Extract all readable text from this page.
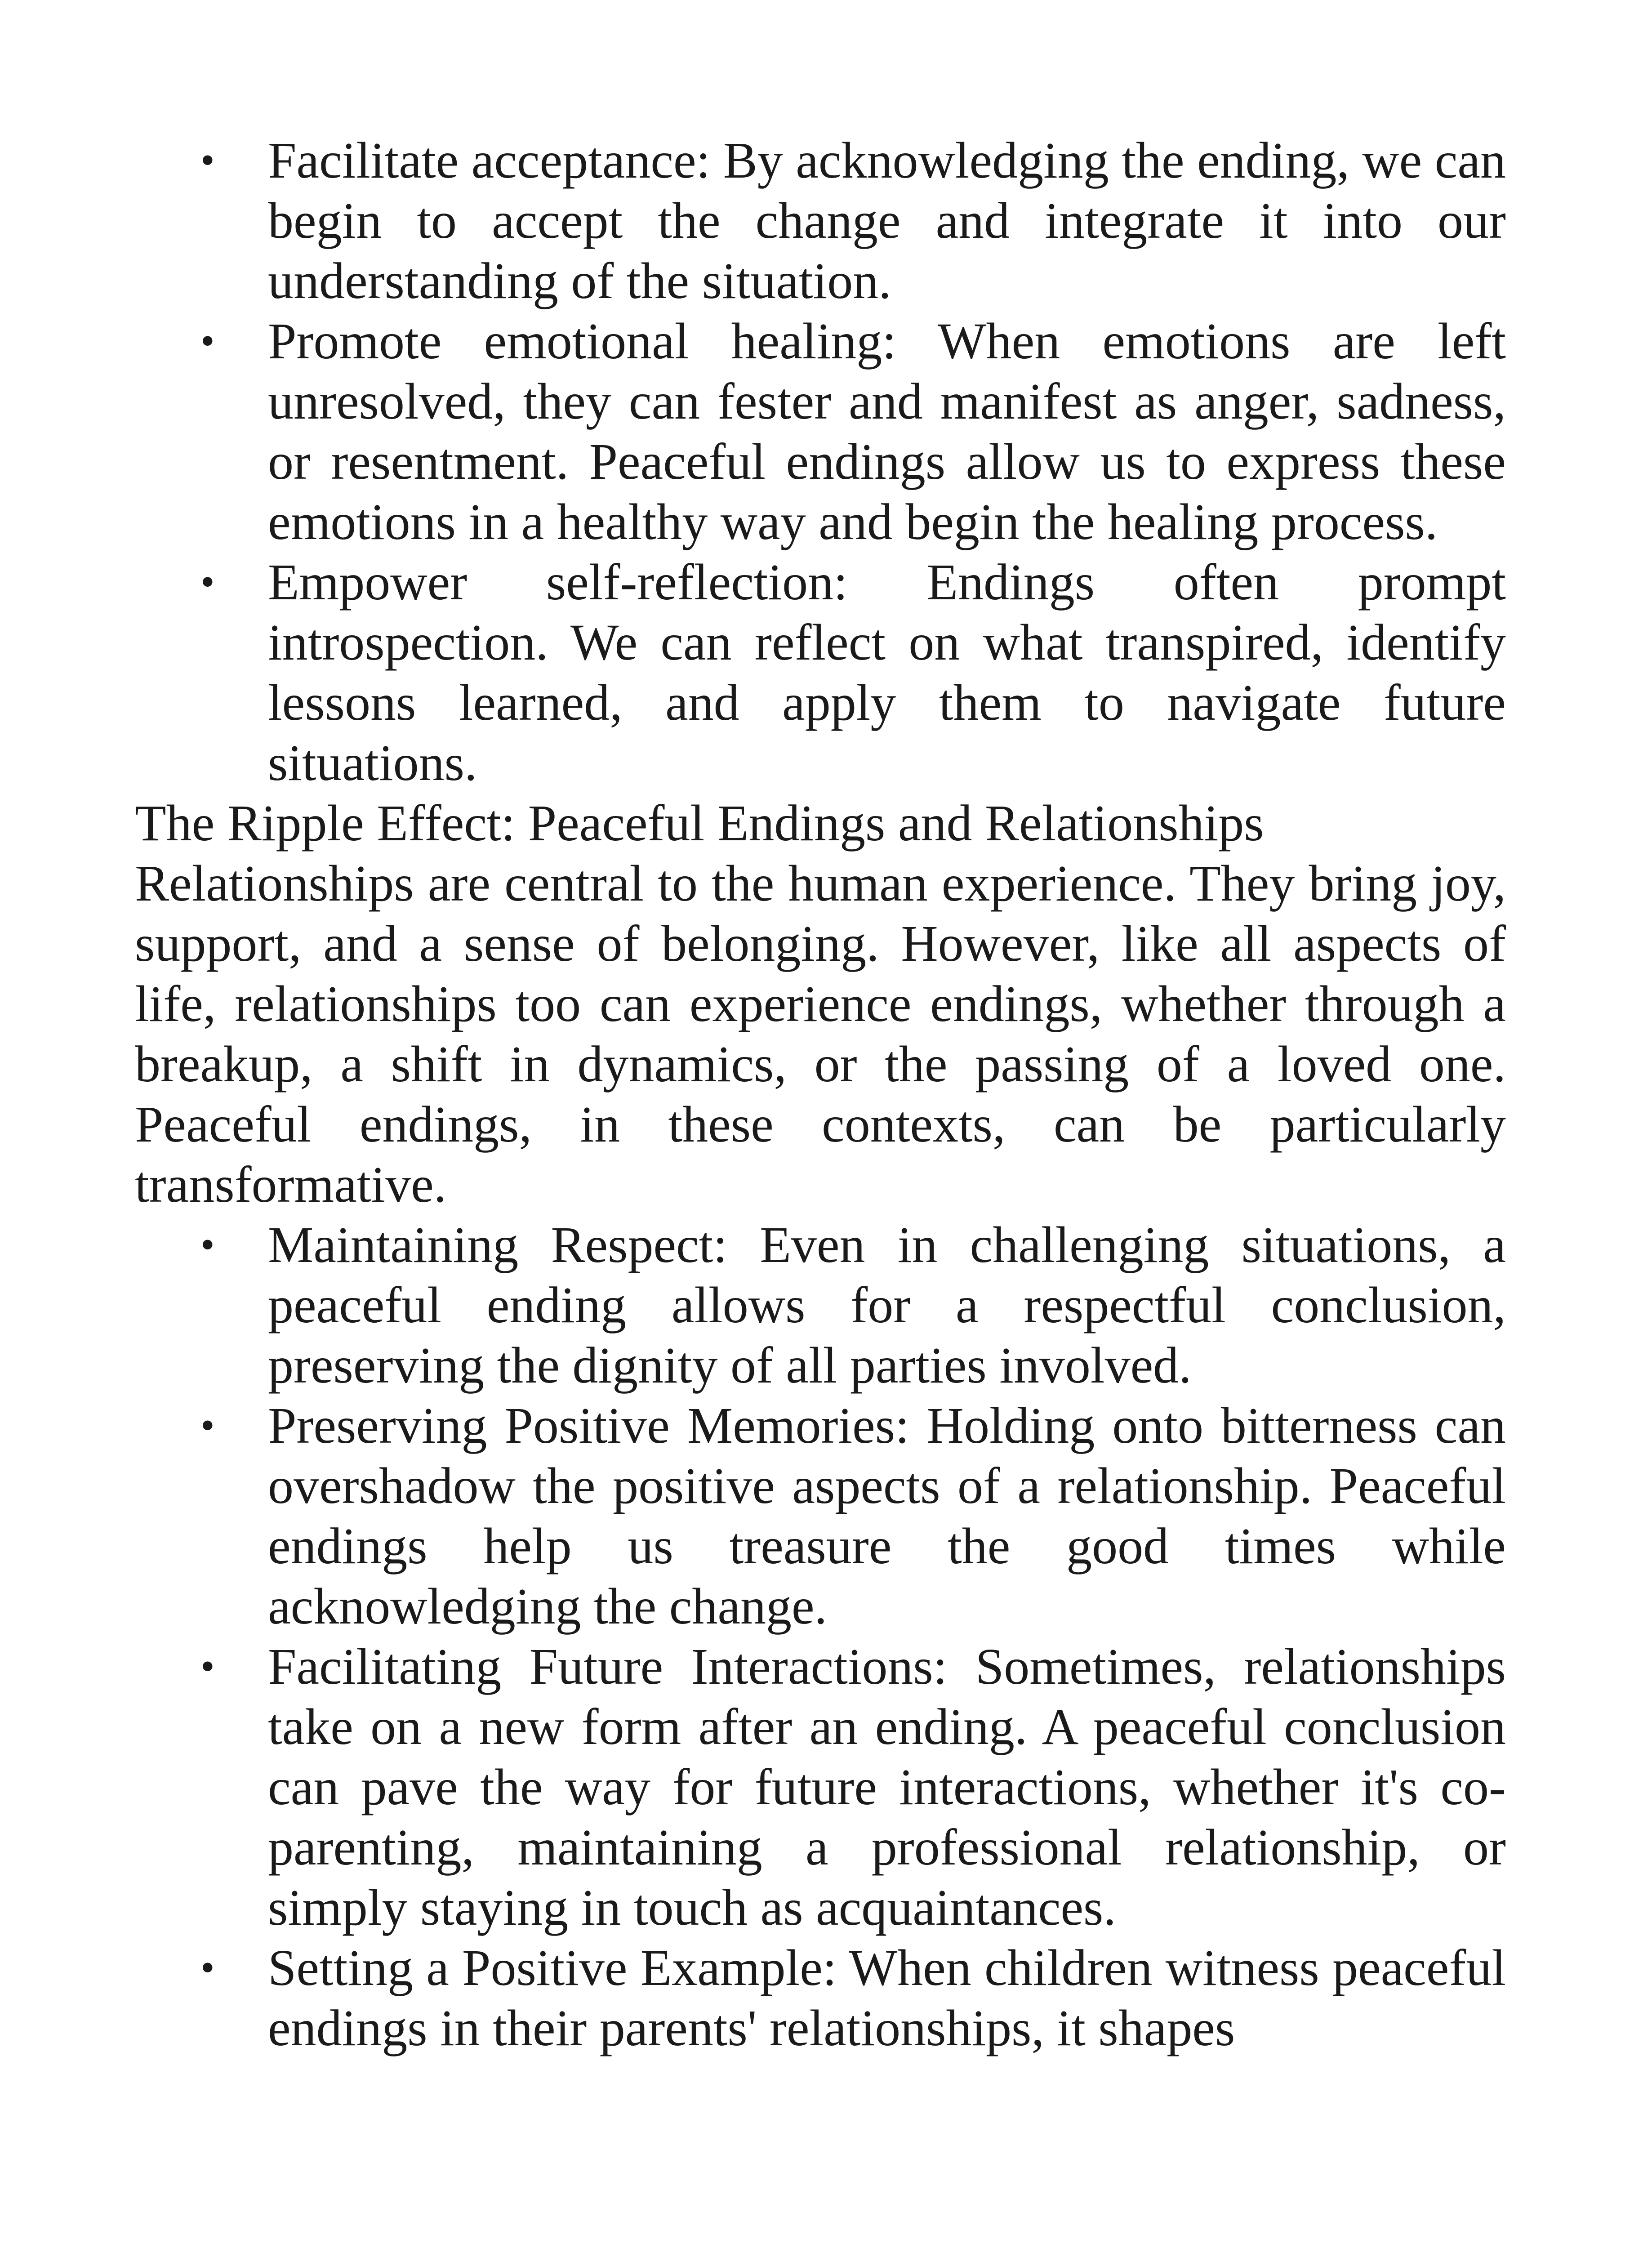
• Facilitate acceptance: By acknowledging the ending, we can begin to accept the change and integrate it into our understanding of the situation.
• Promote emotional healing: When emotions are left unresolved, they can fester and manifest as anger, sadness, or resentment. Peaceful endings allow us to express these emotions in a healthy way and begin the healing process.
• Empower self-reflection: Endings often prompt introspection. We can reflect on what transpired, identify lessons learned, and apply them to navigate future situations.

The Ripple Effect: Peaceful Endings and Relationships

Relationships are central to the human experience. They bring joy, support, and a sense of belonging. However, like all aspects of life, relationships too can experience endings, whether through a breakup, a shift in dynamics, or the passing of a loved one. Peaceful endings, in these contexts, can be particularly transformative.

• Maintaining Respect: Even in challenging situations, a peaceful ending allows for a respectful conclusion, preserving the dignity of all parties involved.
• Preserving Positive Memories: Holding onto bitterness can overshadow the positive aspects of a relationship. Peaceful endings help us treasure the good times while acknowledging the change.
• Facilitating Future Interactions: Sometimes, relationships take on a new form after an ending. A peaceful conclusion can pave the way for future interactions, whether it's co-parenting, maintaining a professional relationship, or simply staying in touch as acquaintances.
• Setting a Positive Example: When children witness peaceful endings in their parents' relationships, it shapes
